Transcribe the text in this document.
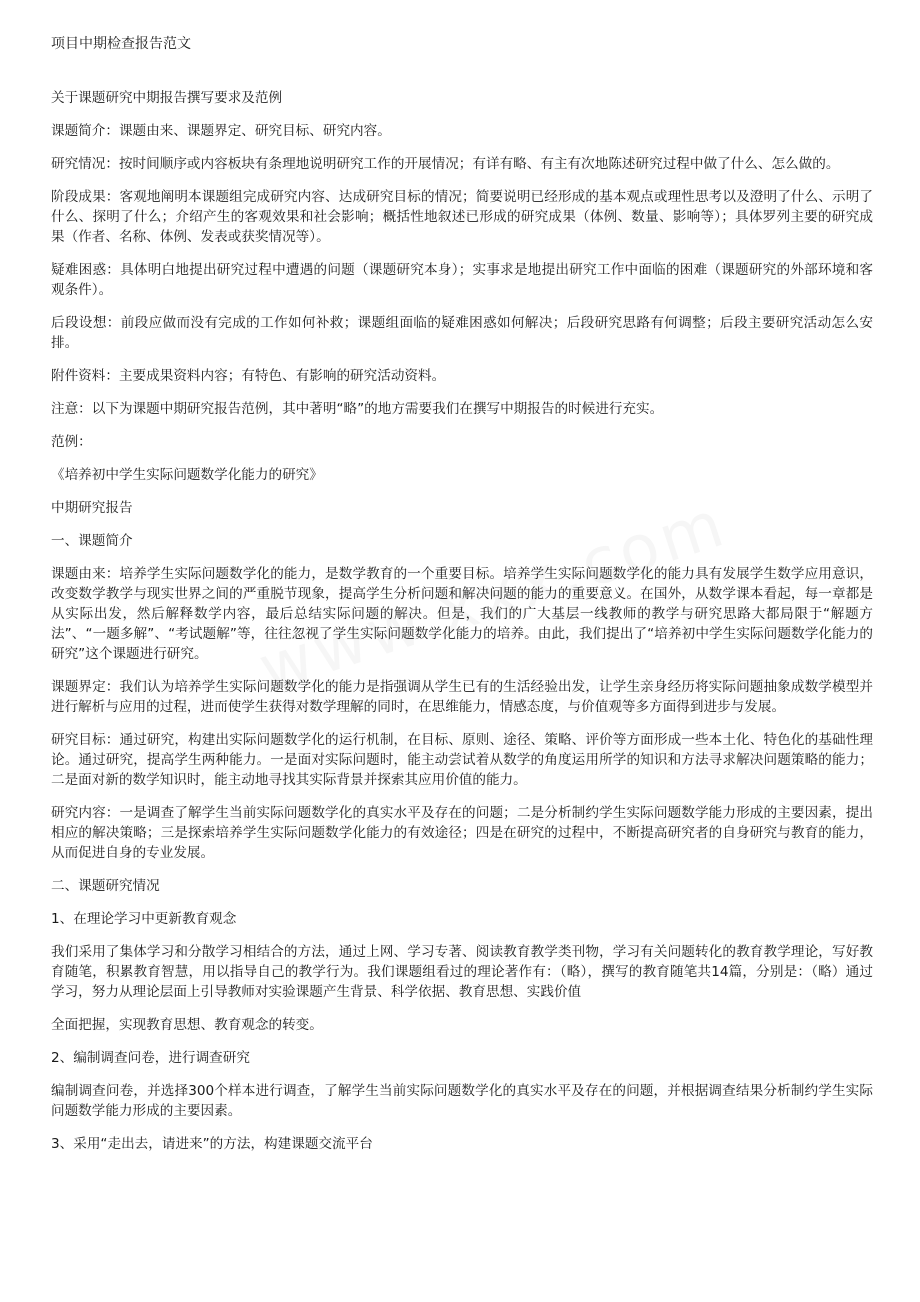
项目中期检查报告范文

关于课题研究中期报告撰写要求及范例

课题简介：课题由来、课题界定、研究目标、研究内容。

研究情况：按时间顺序或内容板块有条理地说明研究工作的开展情况；有详有略、有主有次地陈述研究过程中做了什么、怎么做的。

阶段成果：客观地阐明本课题组完成研究内容、达成研究目标的情况；简要说明已经形成的基本观点或理性思考以及澄明了什么、示明了什么、探明了什么；介绍产生的客观效果和社会影响；概括性地叙述已形成的研究成果（体例、数量、影响等）；具体罗列主要的研究成果（作者、名称、体例、发表或获奖情况等）。

疑难困惑：具体明白地提出研究过程中遭遇的问题（课题研究本身）；实事求是地提出研究工作中面临的困难（课题研究的外部环境和客观条件）。

后段设想：前段应做而没有完成的工作如何补救；课题组面临的疑难困惑如何解决；后段研究思路有何调整；后段主要研究活动怎么安排。

附件资料：主要成果资料内容；有特色、有影响的研究活动资料。

注意：以下为课题中期研究报告范例，其中著明“略”的地方需要我们在撰写中期报告的时候进行充实。

范例：

《培养初中学生实际问题数学化能力的研究》

中期研究报告

一、课题简介

课题由来：培养学生实际问题数学化的能力，是数学教育的一个重要目标。培养学生实际问题数学化的能力具有发展学生数学应用意识，改变数学教学与现实世界之间的严重脱节现象，提高学生分析问题和解决问题的能力的重要意义。在国外，从数学课本看起，每一章都是从实际出发，然后解释数学内容，最后总结实际问题的解决。但是，我们的广大基层一线教师的教学与研究思路大都局限于“解题方法”、“一题多解”、“考试题解”等，往往忽视了学生实际问题数学化能力的培养。由此，我们提出了“培养初中学生实际问题数学化能力的研究”这个课题进行研究。

课题界定：我们认为培养学生实际问题数学化的能力是指强调从学生已有的生活经验出发，让学生亲身经历将实际问题抽象成数学模型并进行解析与应用的过程，进而使学生获得对数学理解的同时，在思维能力，情感态度，与价值观等多方面得到进步与发展。

研究目标：通过研究，构建出实际问题数学化的运行机制，在目标、原则、途径、策略、评价等方面形成一些本土化、特色化的基础性理论。通过研究，提高学生两种能力。一是面对实际问题时，能主动尝试着从数学的角度运用所学的知识和方法寻求解决问题策略的能力；二是面对新的数学知识时，能主动地寻找其实际背景并探索其应用价值的能力。

研究内容：一是调查了解学生当前实际问题数学化的真实水平及存在的问题；二是分析制约学生实际问题数学能力形成的主要因素，提出相应的解决策略；三是探索培养学生实际问题数学化能力的有效途径；四是在研究的过程中，不断提高研究者的自身研究与教育的能力，从而促进自身的专业发展。

二、课题研究情况

1、在理论学习中更新教育观念

我们采用了集体学习和分散学习相结合的方法，通过上网、学习专著、阅读教育教学类刊物，学习有关问题转化的教育教学理论，写好教育随笔，积累教育智慧，用以指导自己的教学行为。我们课题组看过的理论著作有：（略），撰写的教育随笔共14篇，分别是：（略）通过学习，努力从理论层面上引导教师对实验课题产生背景、科学依据、教育思想、实践价值

全面把握，实现教育思想、教育观念的转变。

2、编制调查问卷，进行调查研究

编制调查问卷，并选择300个样本进行调查，了解学生当前实际问题数学化的真实水平及存在的问题，并根据调查结果分析制约学生实际问题数学能力形成的主要因素。

3、采用“走出去，请进来”的方法，构建课题交流平台
